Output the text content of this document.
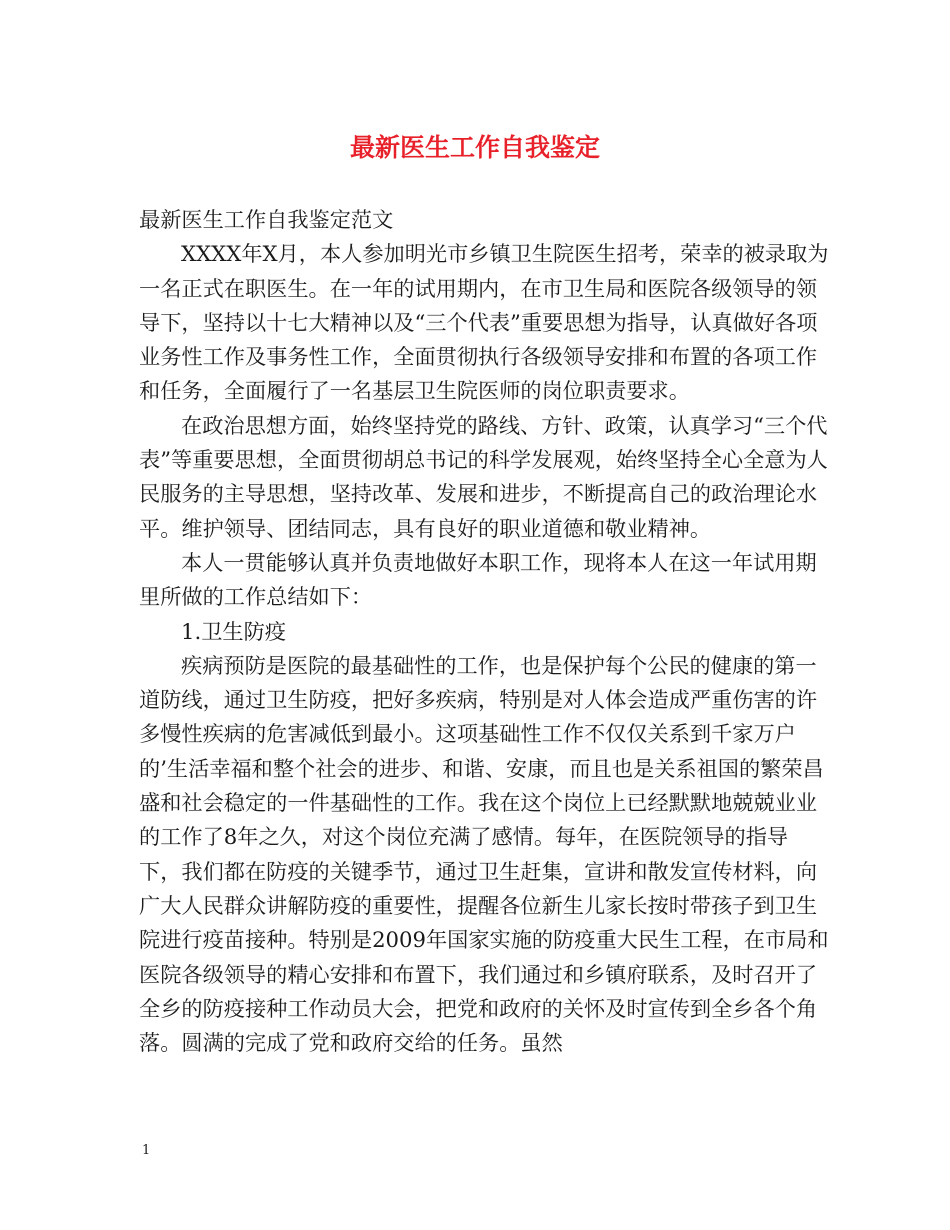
最新医生工作自我鉴定

最新医生工作自我鉴定范文

XXXX年X月，本人参加明光市乡镇卫生院医生招考，荣幸的被录取为一名正式在职医生。在一年的试用期内，在市卫生局和医院各级领导的领导下，坚持以十七大精神以及“三个代表”重要思想为指导，认真做好各项业务性工作及事务性工作，全面贯彻执行各级领导安排和布置的各项工作和任务，全面履行了一名基层卫生院医师的岗位职责要求。

在政治思想方面，始终坚持党的路线、方针、政策，认真学习“三个代表”等重要思想，全面贯彻胡总书记的科学发展观，始终坚持全心全意为人民服务的主导思想，坚持改革、发展和进步，不断提高自己的政治理论水平。维护领导、团结同志，具有良好的职业道德和敬业精神。

本人一贯能够认真并负责地做好本职工作，现将本人在这一年试用期里所做的工作总结如下：

1.卫生防疫

疾病预防是医院的最基础性的工作，也是保护每个公民的健康的第一道防线，通过卫生防疫，把好多疾病，特别是对人体会造成严重伤害的许多慢性疾病的危害减低到最小。这项基础性工作不仅仅关系到千家万户的’生活幸福和整个社会的进步、和谐、安康，而且也是关系祖国的繁荣昌盛和社会稳定的一件基础性的工作。我在这个岗位上已经默默地兢兢业业的工作了8年之久，对这个岗位充满了感情。每年，在医院领导的指导下，我们都在防疫的关键季节，通过卫生赶集，宣讲和散发宣传材料，向广大人民群众讲解防疫的重要性，提醒各位新生儿家长按时带孩子到卫生院进行疫苗接种。特别是2009年国家实施的防疫重大民生工程，在市局和医院各级领导的精心安排和布置下，我们通过和乡镇府联系，及时召开了全乡的防疫接种工作动员大会，把党和政府的关怀及时宣传到全乡各个角落。圆满的完成了党和政府交给的任务。虽然

1
